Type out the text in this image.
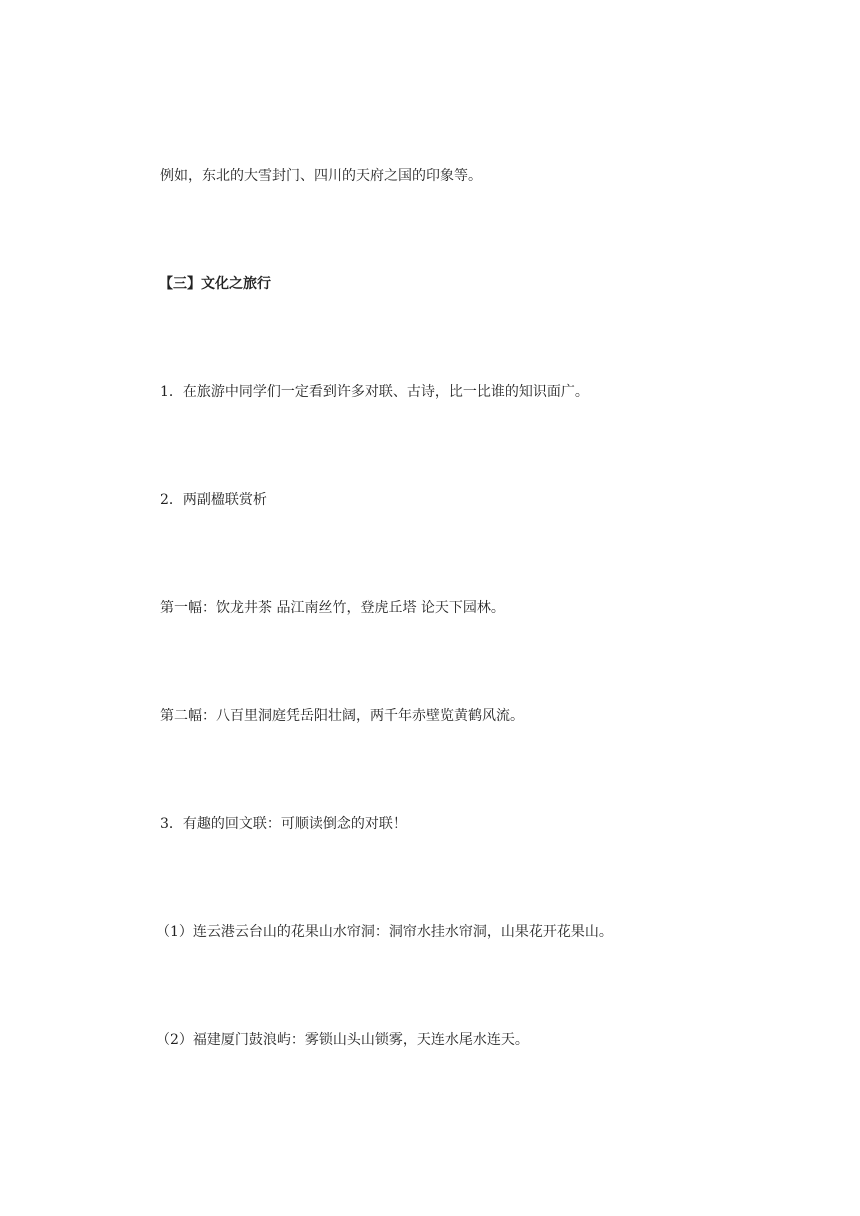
例如，东北的大雪封门、四川的天府之国的印象等。
【三】文化之旅行
1．在旅游中同学们一定看到许多对联、古诗，比一比谁的知识面广。
2．两副楹联赏析
第一幅：饮龙井茶 品江南丝竹，登虎丘塔 论天下园林。
第二幅：八百里洞庭凭岳阳壮阔，两千年赤壁览黄鹤风流。
3．有趣的回文联：可顺读倒念的对联！
（1）连云港云台山的花果山水帘洞：洞帘水挂水帘洞，山果花开花果山。
（2）福建厦门鼓浪屿：雾锁山头山锁雾，天连水尾水连天。
